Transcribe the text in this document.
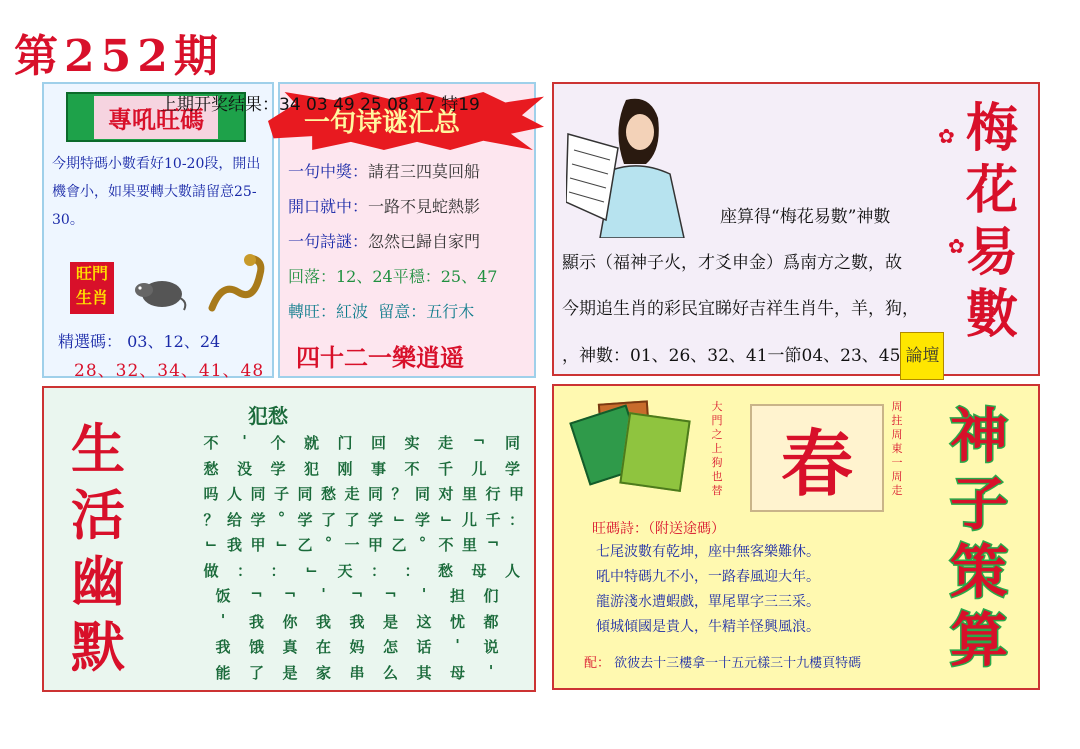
第252期
上期开奖结果：34 03 49 25 08 17 特19
專吼旺碼
今期特碼小數看好10-20段，開出機會小，如果要轉大數請留意25-30。
旺門
生肖
精選碼： 03、12、24
28、32、34、41、48
一句诗谜汇总
一句中獎：請君三四莫回船
開口就中：一路不見蛇熱影
一句詩謎：忽然已歸自家門
回落：12、24平穩：25、47
轉旺：紅波 留意：五行木
四十二一樂逍遥
座算得“梅花易數”神數
顯示（福神子火，才爻申金）爲南方之數，故
今期追生肖的彩民宜睇好吉祥生肖牛，羊，狗，
，神數：01、26、32、41一節04、23、45 論壇
✿
✿
梅
花
易
數
生
活
幽
默
犯愁
不	'	个 就 门 回 实 走	¬	同
愁 没 学 犯 刚 事 不 千 儿 学
吗 人 同 子 同 愁 走 同 ？ 同 对 里 行 甲
？ 给 学 ° 学 了 了 学 ⌙ 学 ⌙ 儿 千 ：
⌙ 我 甲 ⌙ 乙 ° 一 甲 乙 ° 不 里 ¬
做 ： ：	⌙	天 ： ： 愁 母 人
饭	¬	¬	'	¬	¬	'	担 们
'	我 你 我 我 是 这 忧 都
我 饿 真 在 妈 怎 话	'	说
能 了 是 家 串 么 其 母	'
大門之上狗也替 春
周拄周東一周走
神
子
策
算
旺碼詩：（附送途碼）
七尾波數有乾坤，座中無客樂難休。
吼中特碼九不小，一路春風迎大年。
龍游淺水遭蝦戲，單尾單字三三采。
傾城傾國是貴人，牛精羊怪興風浪。
配： 欲彼去十三樓拿一十五元樣三十九樓頁特碼
